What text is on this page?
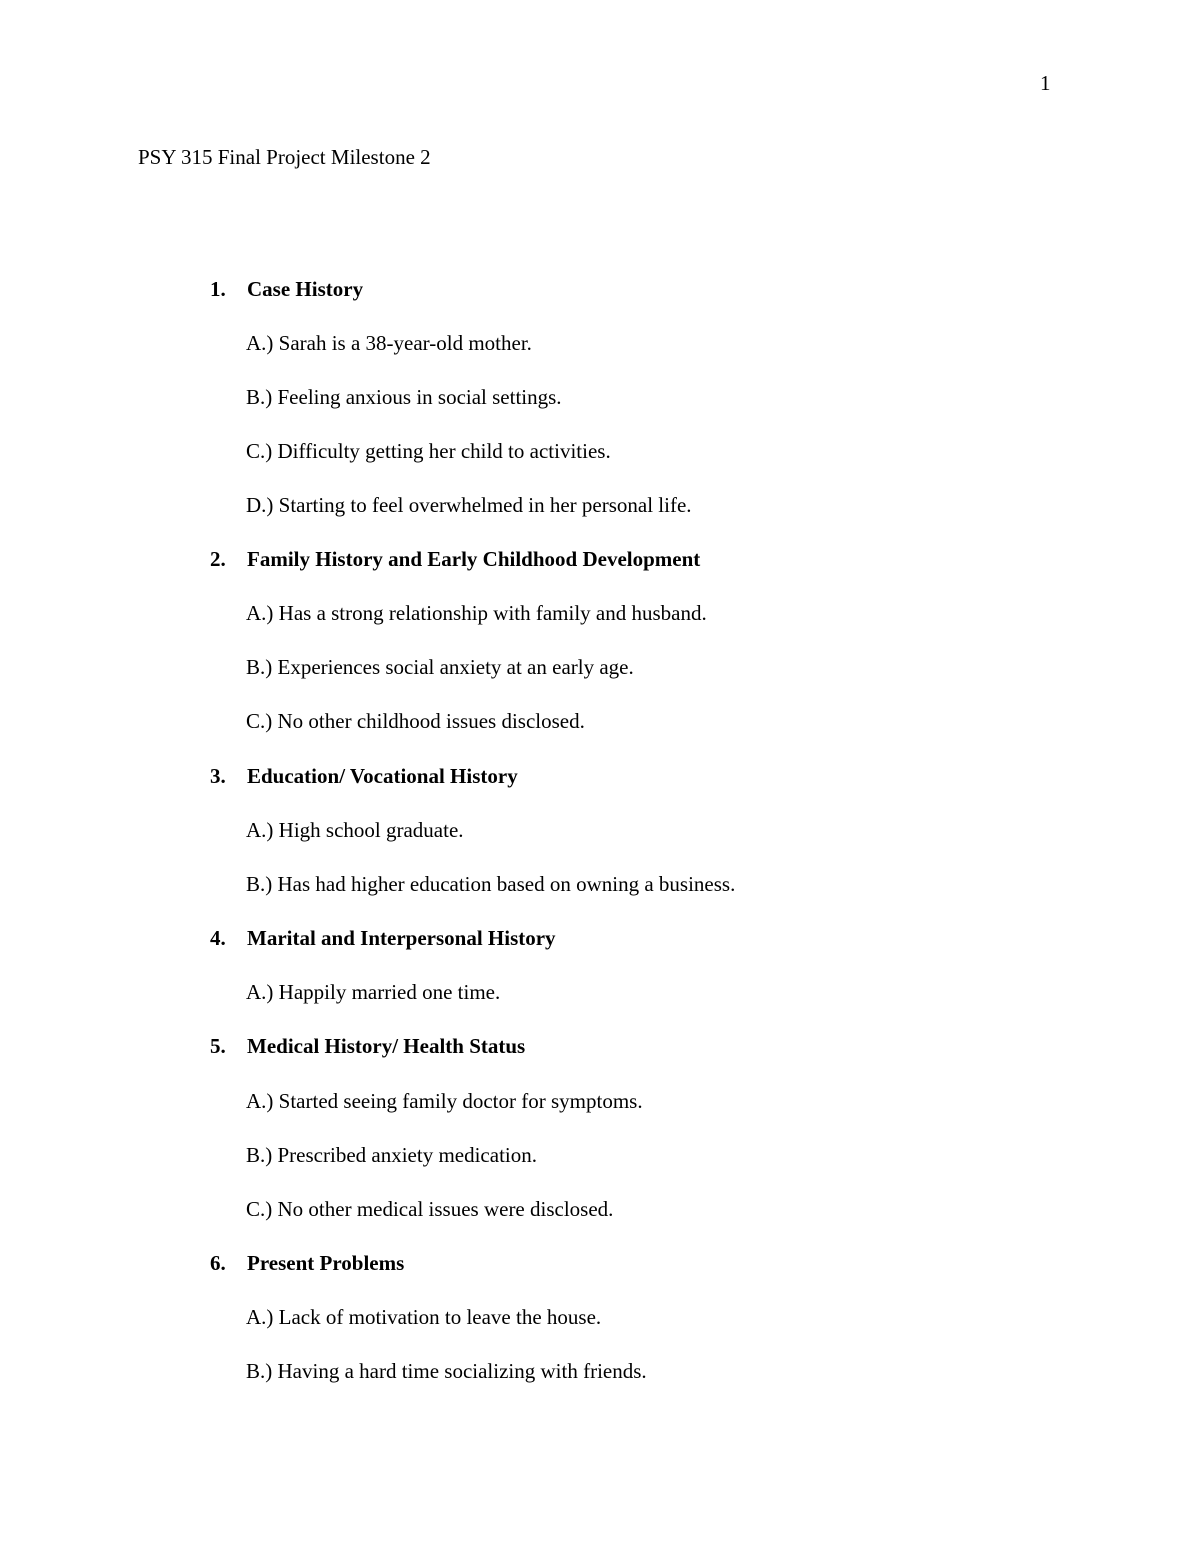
1
PSY 315 Final Project Milestone 2
1. Case History
A.) Sarah is a 38-year-old mother.
B.) Feeling anxious in social settings.
C.) Difficulty getting her child to activities.
D.) Starting to feel overwhelmed in her personal life.
2. Family History and Early Childhood Development
A.) Has a strong relationship with family and husband.
B.) Experiences social anxiety at an early age.
C.) No other childhood issues disclosed.
3. Education/ Vocational History
A.) High school graduate.
B.) Has had higher education based on owning a business.
4. Marital and Interpersonal History
A.) Happily married one time.
5. Medical History/ Health Status
A.) Started seeing family doctor for symptoms.
B.) Prescribed anxiety medication.
C.) No other medical issues were disclosed.
6. Present Problems
A.) Lack of motivation to leave the house.
B.) Having a hard time socializing with friends.
